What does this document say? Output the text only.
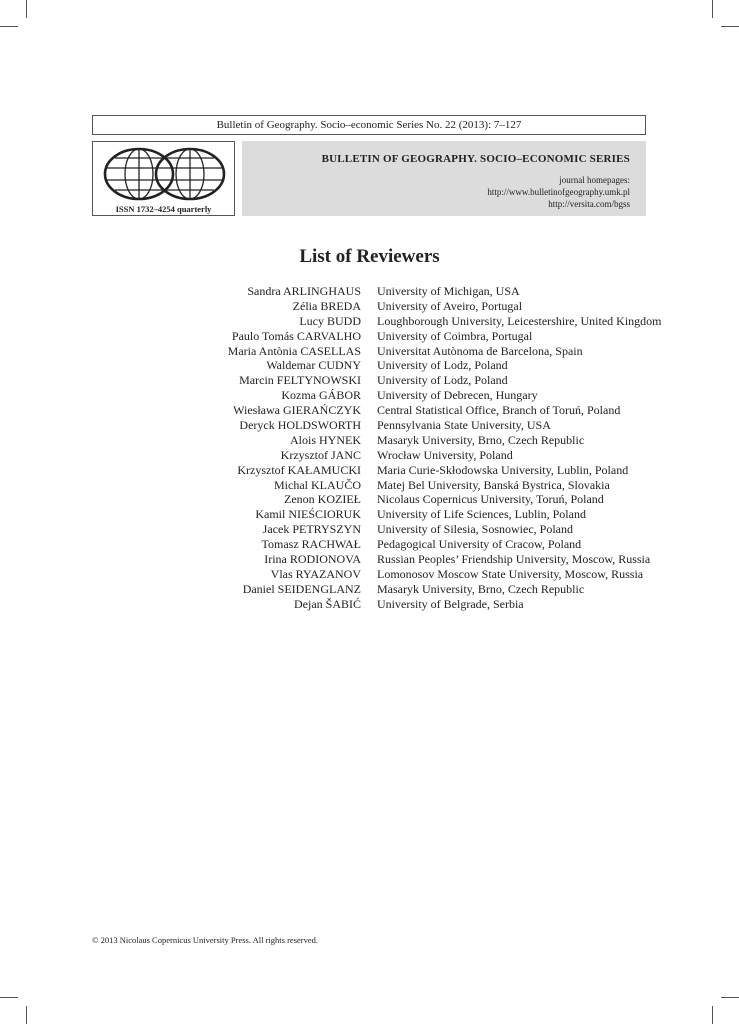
Bulletin of Geography. Socio–economic Series No. 22 (2013): 7–127
ISSN 1732–4254 quarterly
BULLETIN OF GEOGRAPHY. SOCIO–ECONOMIC SERIES
journal homepages:
http://www.bulletinofgeography.umk.pl
http://versita.com/bgss
List of Reviewers
Sandra ARLINGHAUS University of Michigan, USA
Zélia BREDA University of Aveiro, Portugal
Lucy BUDD Loughborough University, Leicestershire, United Kingdom
Paulo Tomás CARVALHO University of Coimbra, Portugal
Maria Antònia CASELLAS Universitat Autònoma de Barcelona, Spain
Waldemar CUDNY University of Lodz, Poland
Marcin FELTYNOWSKI University of Lodz, Poland
Kozma GÁBOR University of Debrecen, Hungary
Wiesława GIERAŃCZYK Central Statistical Office, Branch of Toruń, Poland
Deryck HOLDSWORTH Pennsylvania State University, USA
Alois HYNEK Masaryk University, Brno, Czech Republic
Krzysztof JANC Wrocław University, Poland
Krzysztof KAŁAMUCKI Maria Curie-Skłodowska University, Lublin, Poland
Michal KLAUČO Matej Bel University, Banská Bystrica, Slovakia
Zenon KOZIEŁ Nicolaus Copernicus University, Toruń, Poland
Kamil NIEŚCIORUK University of Life Sciences, Lublin, Poland
Jacek PETRYSZYN University of Silesia, Sosnowiec, Poland
Tomasz RACHWAŁ Pedagogical University of Cracow, Poland
Irina RODIONOVA Russian Peoples’ Friendship University, Moscow, Russia
Vlas RYAZANOV Lomonosov Moscow State University, Moscow, Russia
Daniel SEIDENGLANZ Masaryk University, Brno, Czech Republic
Dejan ŠABIĆ University of Belgrade, Serbia
© 2013 Nicolaus Copernicus University Press. All rights reserved.
